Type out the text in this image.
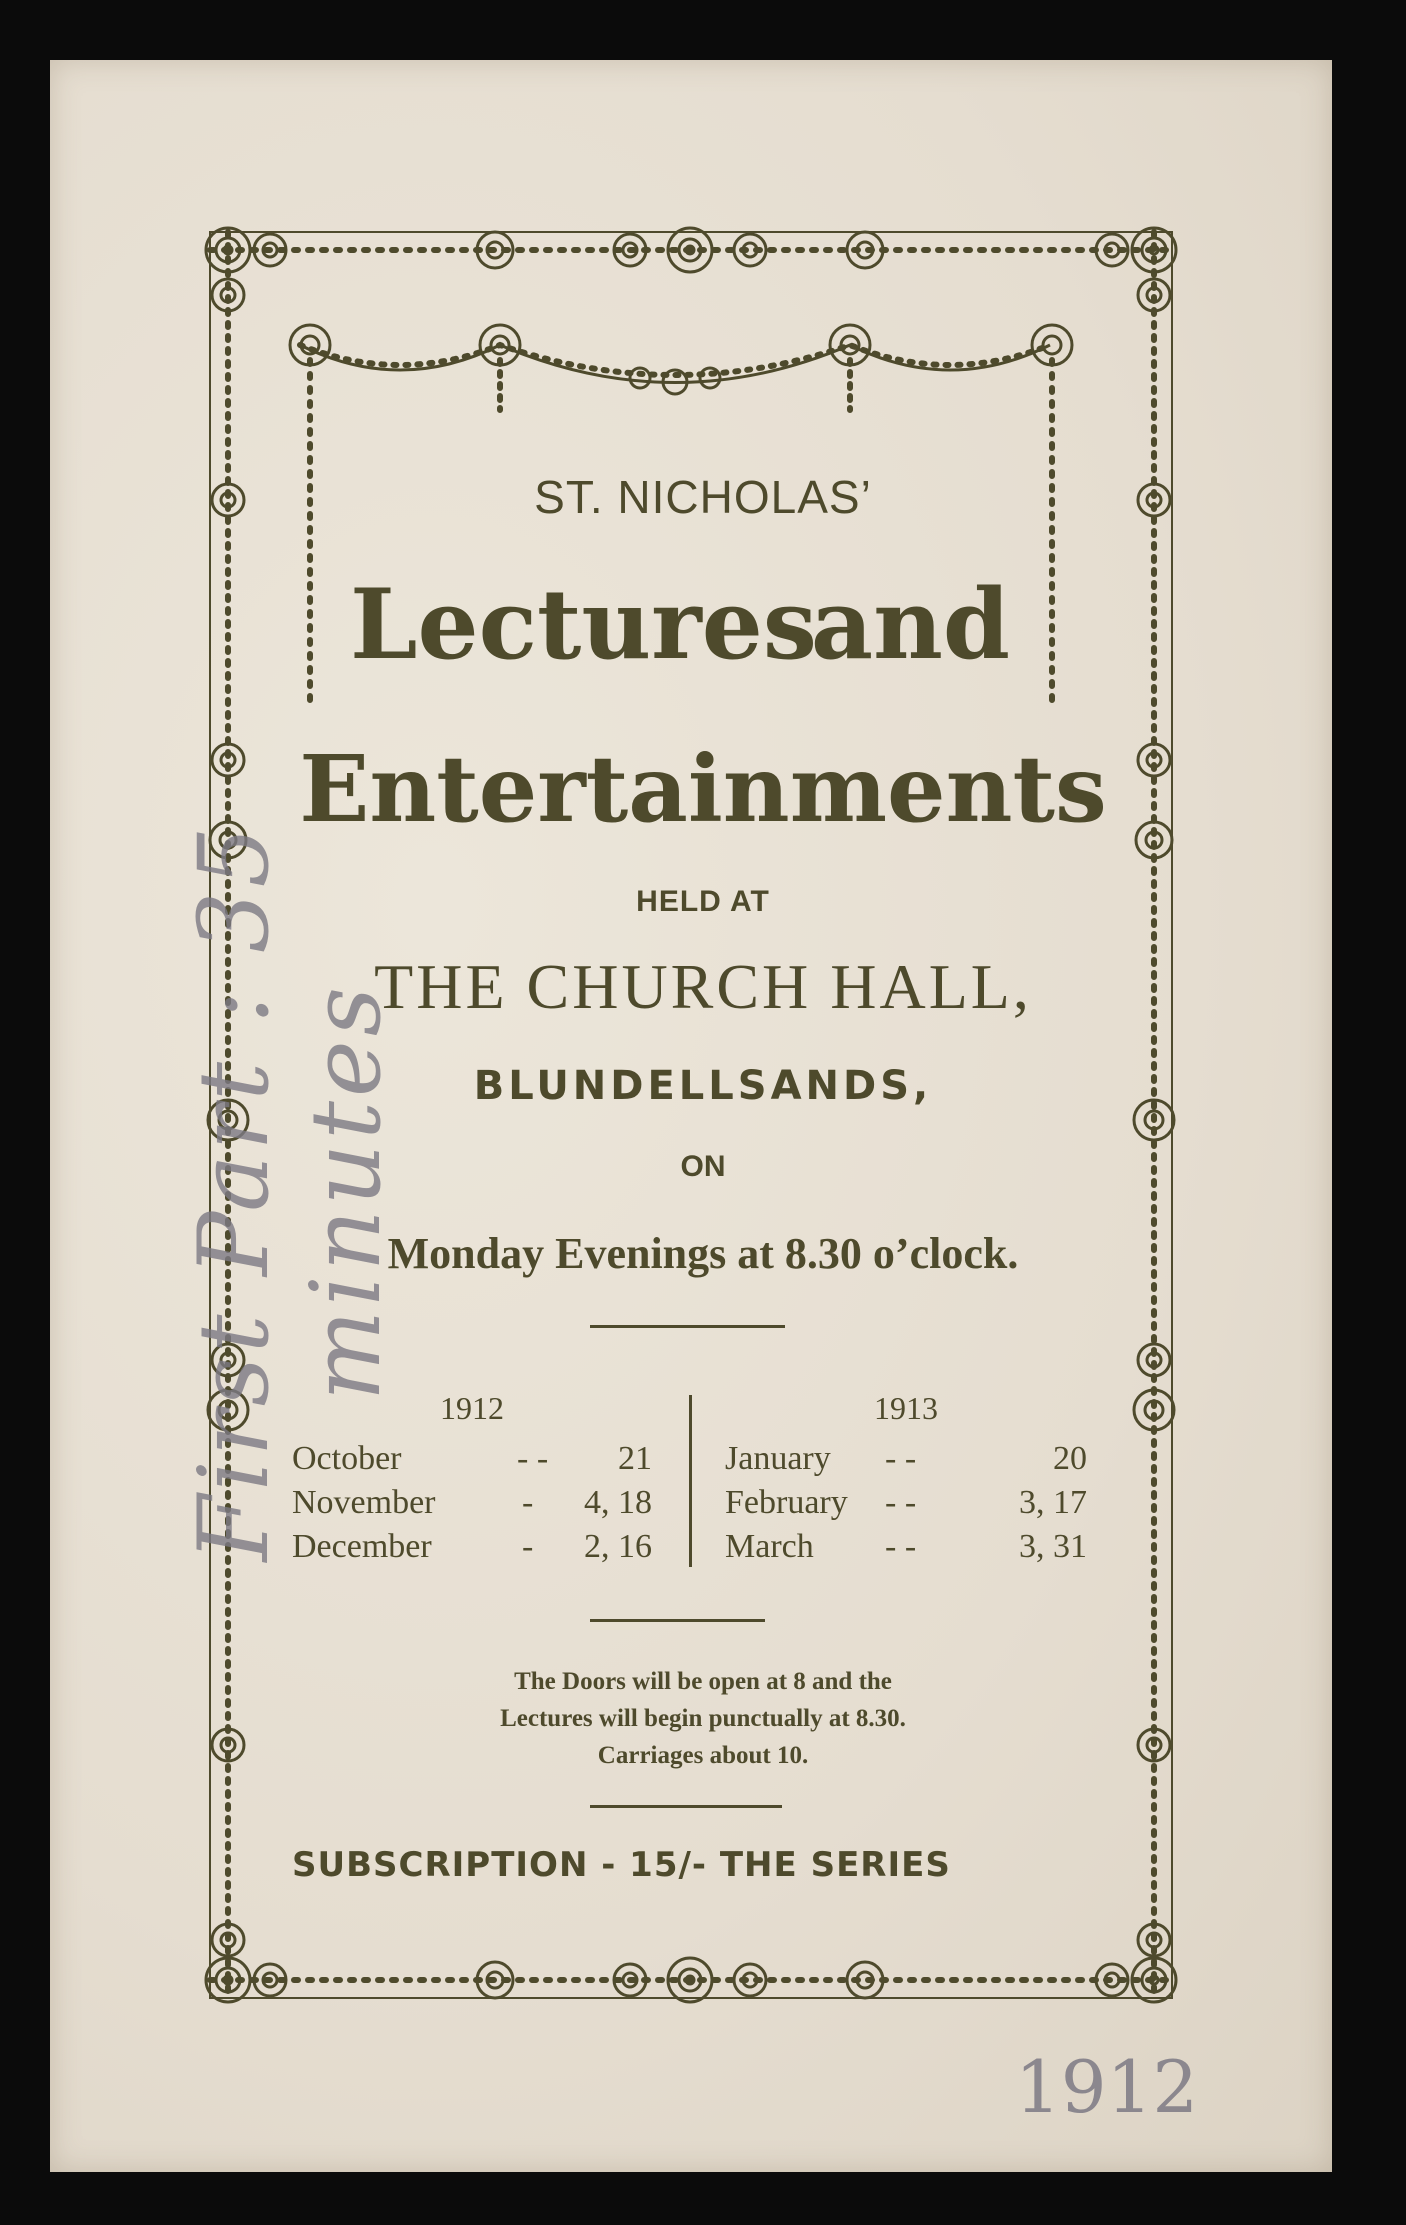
ST. NICHOLAS’
Lectures
and
Entertainments
HELD AT
THE CHURCH HALL,
BLUNDELLSANDS,
ON
Monday Evenings at 8.30 o’clock.
1912
October	- - 21
November	- 4, 18
December	- 2, 16
1913
January - -	20
February - -	3, 17
March - -	3, 31
The Doors will be open at 8 and the
Lectures will begin punctually at 8.30.
Carriages about 10.
SUBSCRIPTION - 15/- THE SERIES
First Part : 35 minutes
1912
